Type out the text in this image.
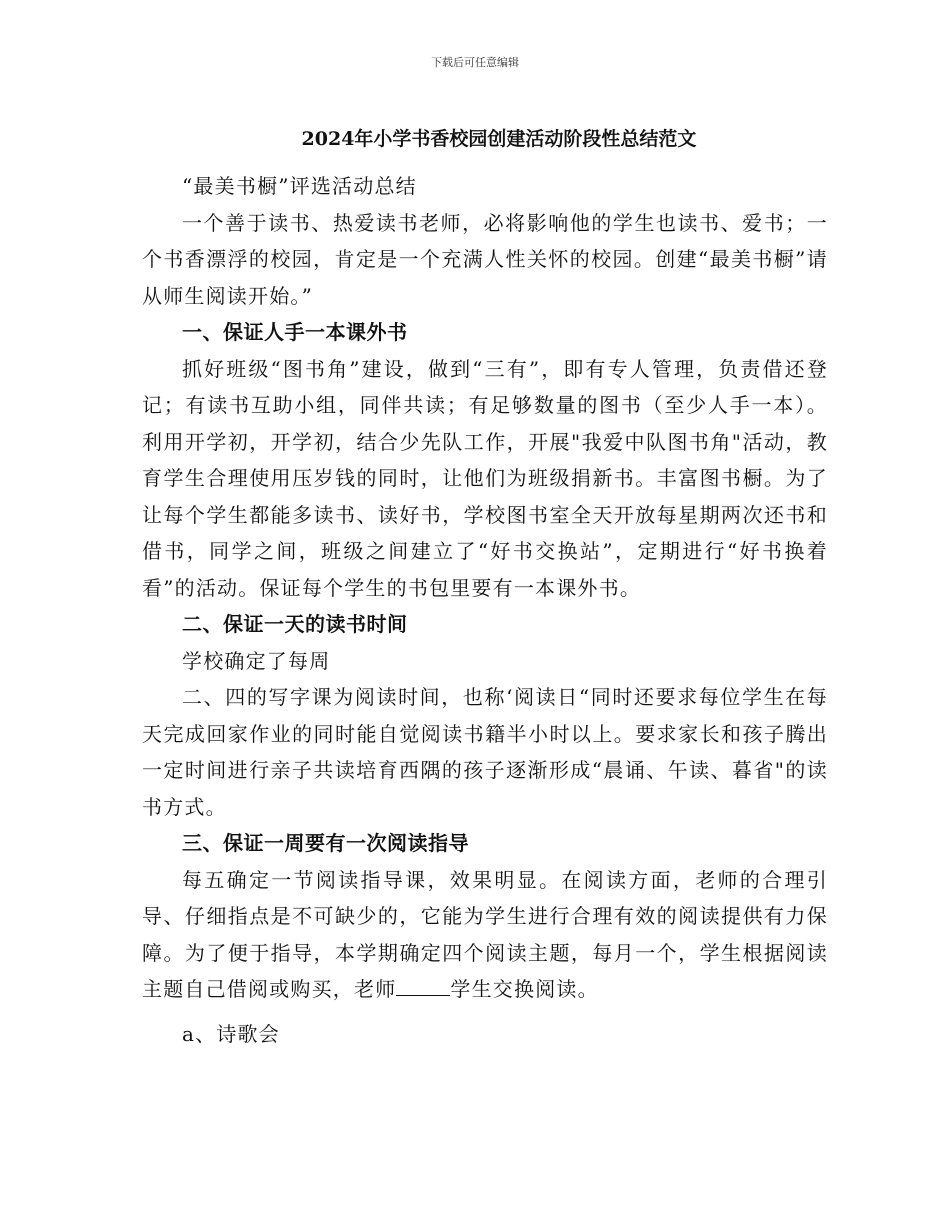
下载后可任意编辑
2024年小学书香校园创建活动阶段性总结范文

“最美书橱”评选活动总结

一个善于读书、热爱读书老师，必将影响他的学生也读书、爱书；一个书香漂浮的校园，肯定是一个充满人性关怀的校园。创建“最美书橱”请从师生阅读开始。”

一、保证人手一本课外书

抓好班级“图书角”建设，做到“三有”，即有专人管理，负责借还登记；有读书互助小组，同伴共读；有足够数量的图书（至少人手一本）。利用开学初，开学初，结合少先队工作，开展"我爱中队图书角"活动，教育学生合理使用压岁钱的同时，让他们为班级捐新书。丰富图书橱。为了让每个学生都能多读书、读好书，学校图书室全天开放每星期两次还书和借书，同学之间，班级之间建立了“好书交换站”，定期进行“好书换着看”的活动。保证每个学生的书包里要有一本课外书。

二、保证一天的读书时间

学校确定了每周

二、四的写字课为阅读时间，也称‘阅读日“同时还要求每位学生在每天完成回家作业的同时能自觉阅读书籍半小时以上。要求家长和孩子腾出一定时间进行亲子共读培育西隅的孩子逐渐形成“晨诵、午读、暮省"的读书方式。

三、保证一周要有一次阅读指导

每五确定一节阅读指导课，效果明显。在阅读方面，老师的合理引导、仔细指点是不可缺少的，它能为学生进行合理有效的阅读提供有力保障。为了便于指导，本学期确定四个阅读主题，每月一个，学生根据阅读主题自己借阅或购买，老师	学生交换阅读。

a、诗歌会
